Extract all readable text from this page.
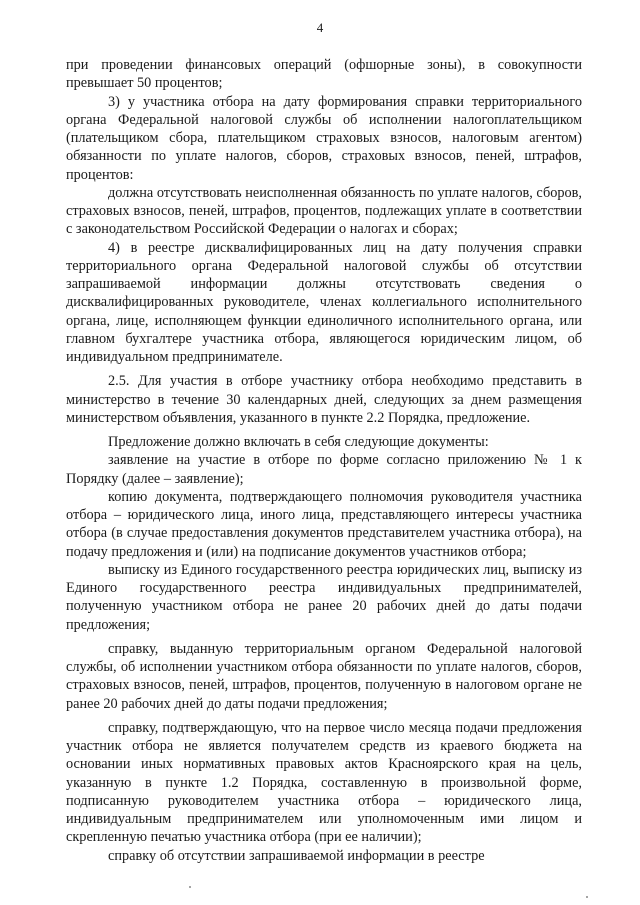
4

при проведении финансовых операций (офшорные зоны), в совокупности превышает 50 процентов;

3) у участника отбора на дату формирования справки территориального органа Федеральной налоговой службы об исполнении налогоплательщиком (плательщиком сбора, плательщиком страховых взносов, налоговым агентом) обязанности по уплате налогов, сборов, страховых взносов, пеней, штрафов, процентов:

должна отсутствовать неисполненная обязанность по уплате налогов, сборов, страховых взносов, пеней, штрафов, процентов, подлежащих уплате в соответствии с законодательством Российской Федерации о налогах и сборах;

4) в реестре дисквалифицированных лиц на дату получения справки территориального органа Федеральной налоговой службы об отсутствии запрашиваемой информации должны отсутствовать сведения о дисквалифицированных руководителе, членах коллегиального исполнительного органа, лице, исполняющем функции единоличного исполнительного органа, или главном бухгалтере участника отбора, являющегося юридическим лицом, об индивидуальном предпринимателе.

2.5. Для участия в отборе участнику отбора необходимо представить в министерство в течение 30 календарных дней, следующих за днем размещения министерством объявления, указанного в пункте 2.2 Порядка, предложение.

Предложение должно включать в себя следующие документы:

заявление на участие в отборе по форме согласно приложению № 1 к Порядку (далее – заявление);

копию документа, подтверждающего полномочия руководителя участника отбора – юридического лица, иного лица, представляющего интересы участника отбора (в случае предоставления документов представителем участника отбора), на подачу предложения и (или) на подписание документов участников отбора;

выписку из Единого государственного реестра юридических лиц, выписку из Единого государственного реестра индивидуальных предпринимателей, полученную участником отбора не ранее 20 рабочих дней до даты подачи предложения;

справку, выданную территориальным органом Федеральной налоговой службы, об исполнении участником отбора обязанности по уплате налогов, сборов, страховых взносов, пеней, штрафов, процентов, полученную в налоговом органе не ранее 20 рабочих дней до даты подачи предложения;

справку, подтверждающую, что на первое число месяца подачи предложения участник отбора не является получателем средств из краевого бюджета на основании иных нормативных правовых актов Красноярского края на цель, указанную в пункте 1.2 Порядка, составленную в произвольной форме, подписанную руководителем участника отбора – юридического лица, индивидуальным предпринимателем или уполномоченным ими лицом и скрепленную печатью участника отбора (при ее наличии);

справку об отсутствии запрашиваемой информации в реестре
